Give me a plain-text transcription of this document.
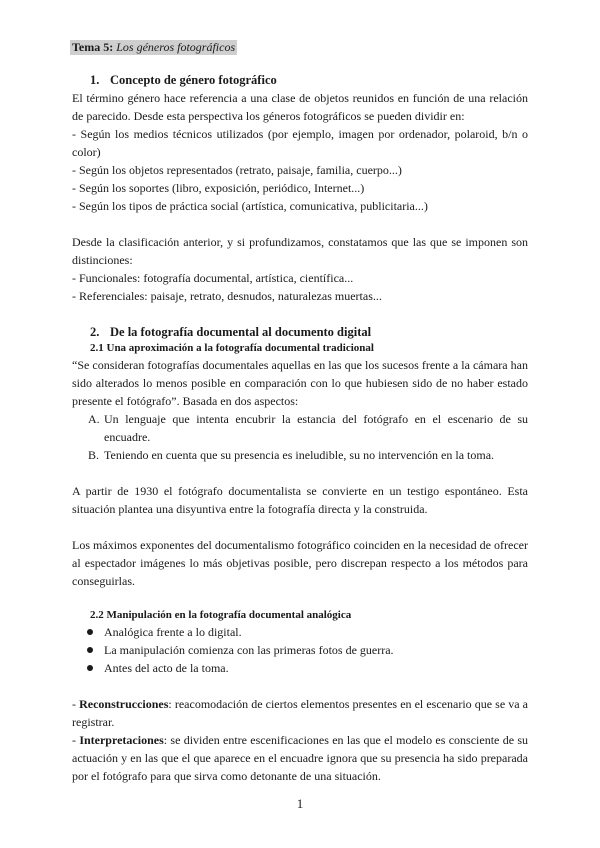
Tema 5: Los géneros fotográficos
1. Concepto de género fotográfico

El término género hace referencia a una clase de objetos reunidos en función de una relación de parecido. Desde esta perspectiva los géneros fotográficos se pueden dividir en:

- Según los medios técnicos utilizados (por ejemplo, imagen por ordenador, polaroid, b/n o color)

- Según los objetos representados (retrato, paisaje, familia, cuerpo...)

- Según los soportes (libro, exposición, periódico, Internet...)

- Según los tipos de práctica social (artística, comunicativa, publicitaria...)

Desde la clasificación anterior, y si profundizamos, constatamos que las que se imponen son distinciones:

- Funcionales: fotografía documental, artística, científica...

- Referenciales: paisaje, retrato, desnudos, naturalezas muertas...

2. De la fotografía documental al documento digital
2.1 Una aproximación a la fotografía documental tradicional

“Se consideran fotografías documentales aquellas en las que los sucesos frente a la cámara han sido alterados lo menos posible en comparación con lo que hubiesen sido de no haber estado presente el fotógrafo”. Basada en dos aspectos:

A. Un lenguaje que intenta encubrir la estancia del fotógrafo en el escenario de su encuadre.
B. Teniendo en cuenta que su presencia es ineludible, su no intervención en la toma.

A partir de 1930 el fotógrafo documentalista se convierte en un testigo espontáneo. Esta situación plantea una disyuntiva entre la fotografía directa y la construida.

Los máximos exponentes del documentalismo fotográfico coinciden en la necesidad de ofrecer al espectador imágenes lo más objetivas posible, pero discrepan respecto a los métodos para conseguirlas.

2.2 Manipulación en la fotografía documental analógica
Analógica frente a lo digital.
La manipulación comienza con las primeras fotos de guerra.
Antes del acto de la toma.

- Reconstrucciones: reacomodación de ciertos elementos presentes en el escenario que se va a registrar.

- Interpretaciones: se dividen entre escenificaciones en las que el modelo es consciente de su actuación y en las que el que aparece en el encuadre ignora que su presencia ha sido preparada por el fotógrafo para que sirva como detonante de una situación.

1
